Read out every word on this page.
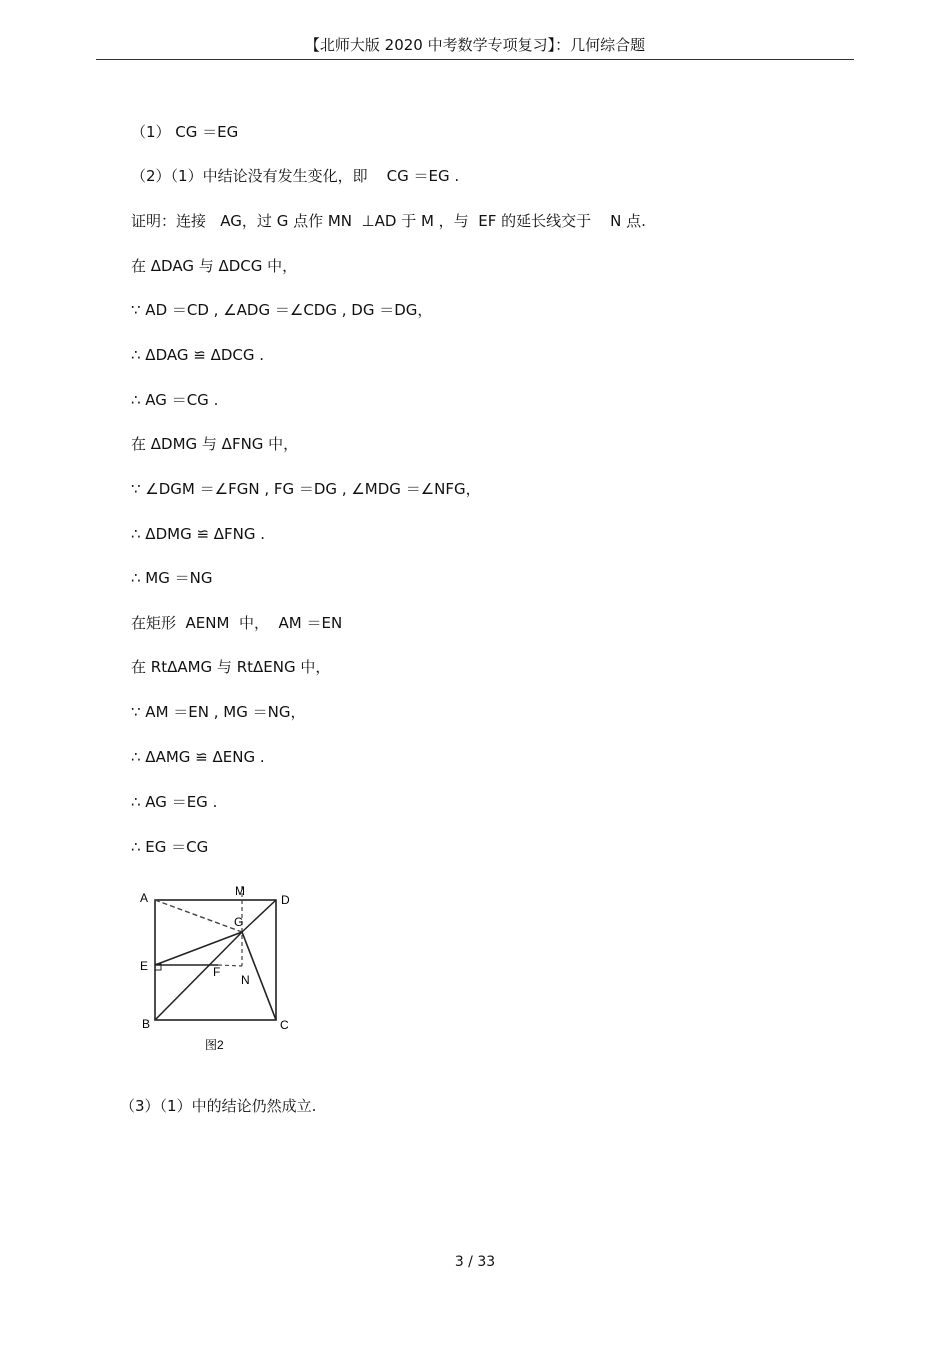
【北师大版 2020 中考数学专项复习】：几何综合题
（1） CG ＝EG
（2）（1）中结论没有发生变化，即    CG ＝EG .
证明：连接   AG，过 G 点作 MN  ⊥AD 于 M ，与  EF 的延长线交于    N 点.
在 ΔDAG 与 ΔDCG 中，
∵ AD ＝CD , ∠ADG ＝∠CDG , DG ＝DG，
∴ ΔDAG ≌ ΔDCG .
∴ AG ＝CG .
在 ΔDMG 与 ΔFNG 中，
∵ ∠DGM ＝∠FGN , FG ＝DG , ∠MDG ＝∠NFG，
∴ ΔDMG ≌ ΔFNG .
∴ MG ＝NG
在矩形  AENM  中，  AM ＝EN
在 RtΔAMG 与 RtΔENG 中，
∵ AM ＝EN , MG ＝NG，
∴ ΔAMG ≌ ΔENG .
∴ AG ＝EG .
∴ EG ＝CG
A	M
D
G
E	F
N
B	C
图2
（3）（1）中的结论仍然成立.
3 / 33
